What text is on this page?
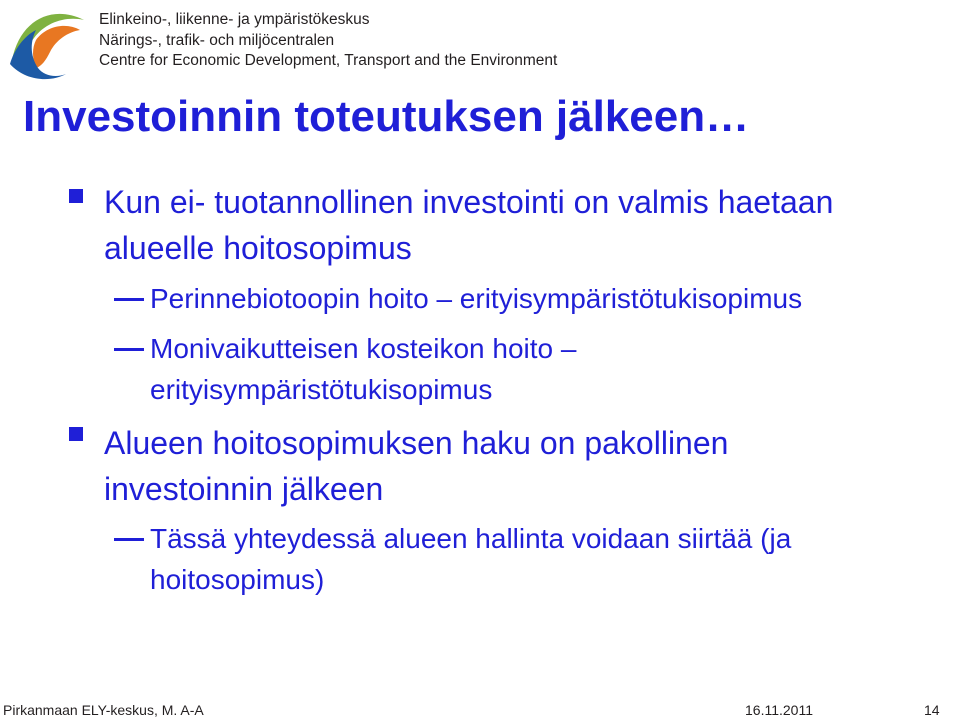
Elinkeino-, liikenne- ja ympäristökeskus
Närings-, trafik- och miljöcentralen
Centre for Economic Development, Transport and the Environment
Investoinnin toteutuksen jälkeen…
Kun ei- tuotannollinen investointi on valmis haetaan
alueelle hoitosopimus
Perinnebiotoopin hoito – erityisympäristötukisopimus
Monivaikutteisen kosteikon hoito –
erityisympäristötukisopimus
Alueen hoitosopimuksen haku on pakollinen
investoinnin jälkeen
Tässä yhteydessä alueen hallinta voidaan siirtää (ja
hoitosopimus)
Pirkanmaan ELY-keskus, M. A-A	16.11.2011	14
